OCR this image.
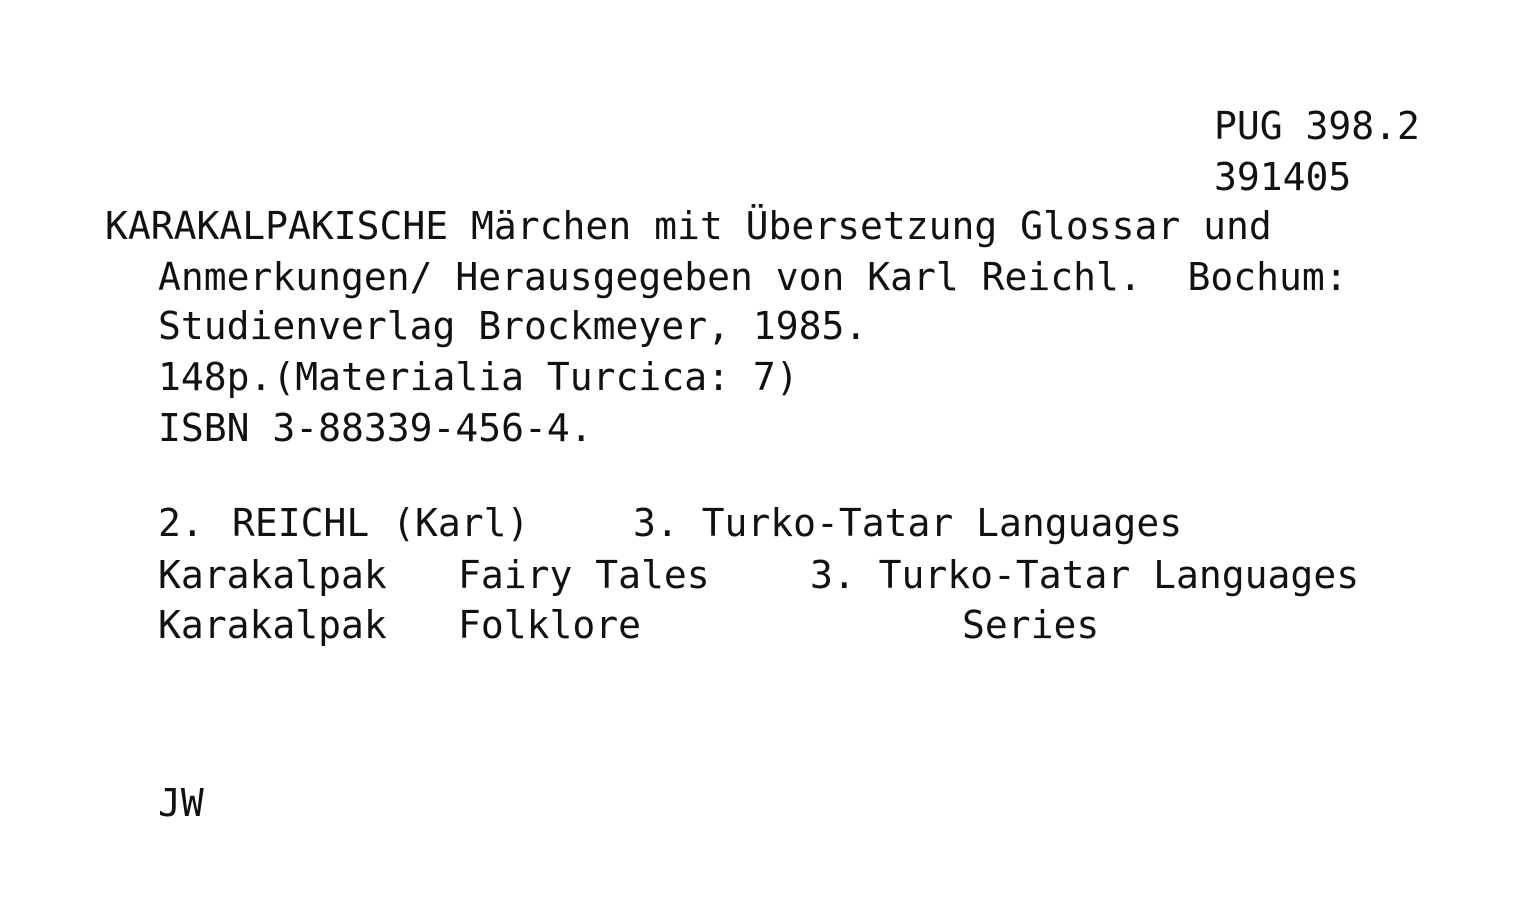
PUG 398.2
391405
KARAKALPAKISCHE Märchen mit Übersetzung Glossar und
Anmerkungen/ Herausgegeben von Karl Reichl.  Bochum:
Studienverlag Brockmeyer, 1985.
148p.(Materialia Turcica: 7)
ISBN 3-88339-456-4.
2. REICHL (Karl)	3. Turko-Tatar Languages
Karakalpak Fairy Tales	3. Turko-Tatar Languages
Karakalpak Folklore	Series
JW
